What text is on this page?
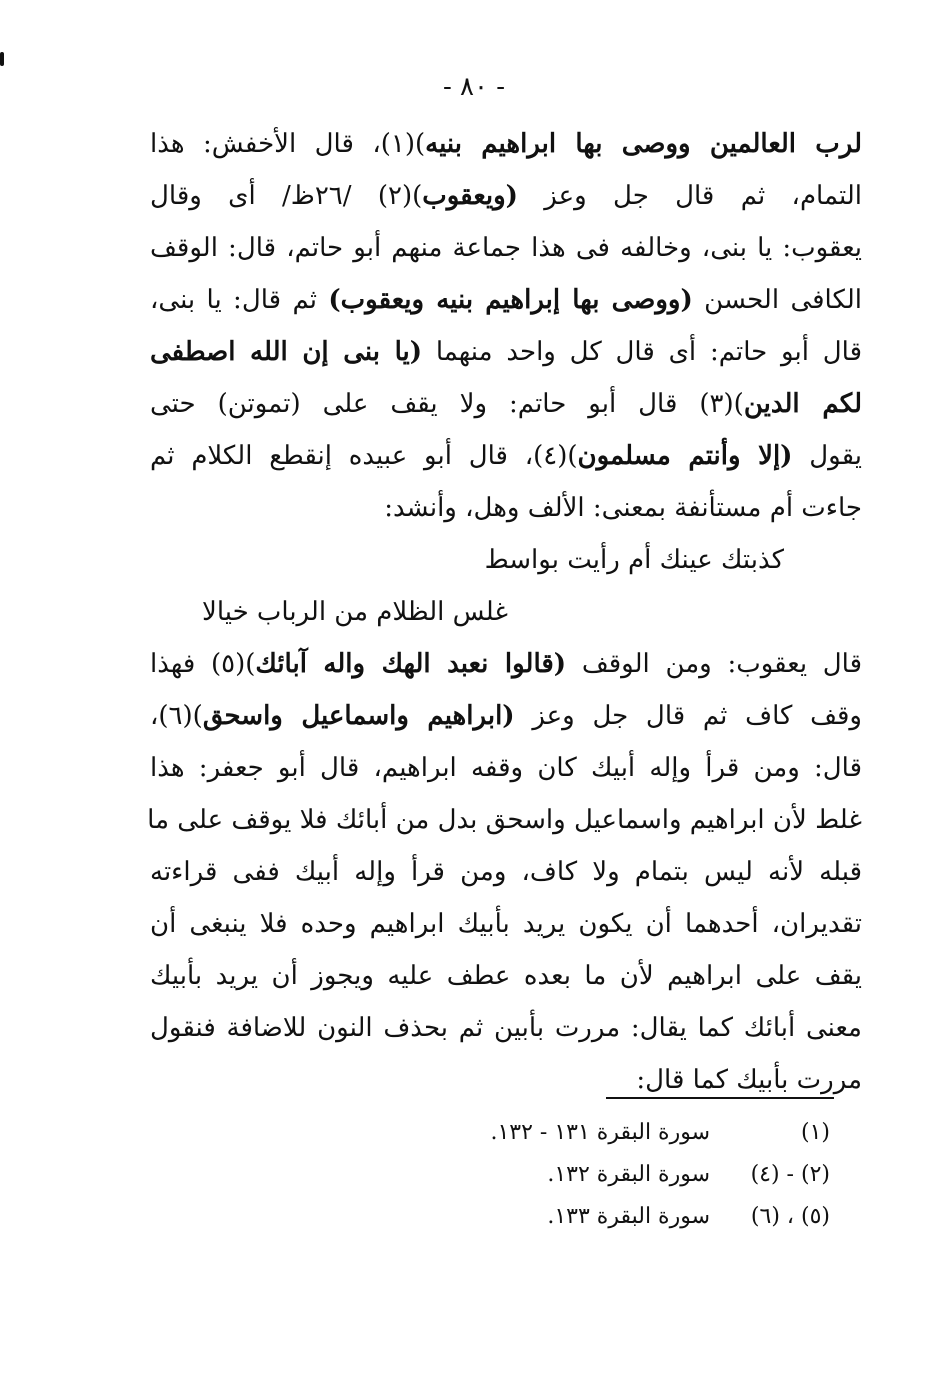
- ٨٠ -
لرب العالمين ووصى بها ابراهيم بنيه)(١)، قال الأخفش: هذا
التمام، ثم قال جل وعز (ويعقوب)(٢) /٢٦ظ/ أى وقال
يعقوب: يا بنى، وخالفه فى هذا جماعة منهم أبو حاتم، قال: الوقف
الكافى الحسن (ووصى بها إبراهيم بنيه ويعقوب) ثم قال: يا بنى،
قال أبو حاتم: أى قال كل واحد منهما (يا بنى إن الله اصطفى
لكم الدين)(٣) قال أبو حاتم: ولا يقف على (تموتن) حتى
يقول (إلا وأنتم مسلمون)(٤)، قال أبو عبيده إنقطع الكلام ثم
جاءت أم مستأنفة بمعنى: الألف وهل، وأنشد:
كذبتك عينك أم رأيت بواسط
غلس الظلام من الرباب خيالا
قال يعقوب: ومن الوقف (قالوا نعبد الهك واله آبائك)(٥) فهذا
وقف كاف ثم قال جل وعز (ابراهيم واسماعيل واسحق)(٦)،
قال: ومن قرأ وإله أبيك كان وقفه ابراهيم، قال أبو جعفر: هذا
غلط لأن ابراهيم واسماعيل واسحق بدل من أبائك فلا يوقف على ما
قبله لأنه ليس بتمام ولا كاف، ومن قرأ وإله أبيك ففى قراءته
تقديران، أحدهما أن يكون يريد بأبيك ابراهيم وحده فلا ينبغى أن
يقف على ابراهيم لأن ما بعده عطف عليه ويجوز أن يريد بأبيك
معنى أبائك كما يقال: مررت بأبين ثم بحذف النون للاضافة فنقول
مررت بأبيك كما قال:
(١)
سورة البقرة ١٣١ - ١٣٢.
(٢) - (٤)
سورة البقرة ١٣٢.
(٥) ، (٦)
سورة البقرة ١٣٣.
